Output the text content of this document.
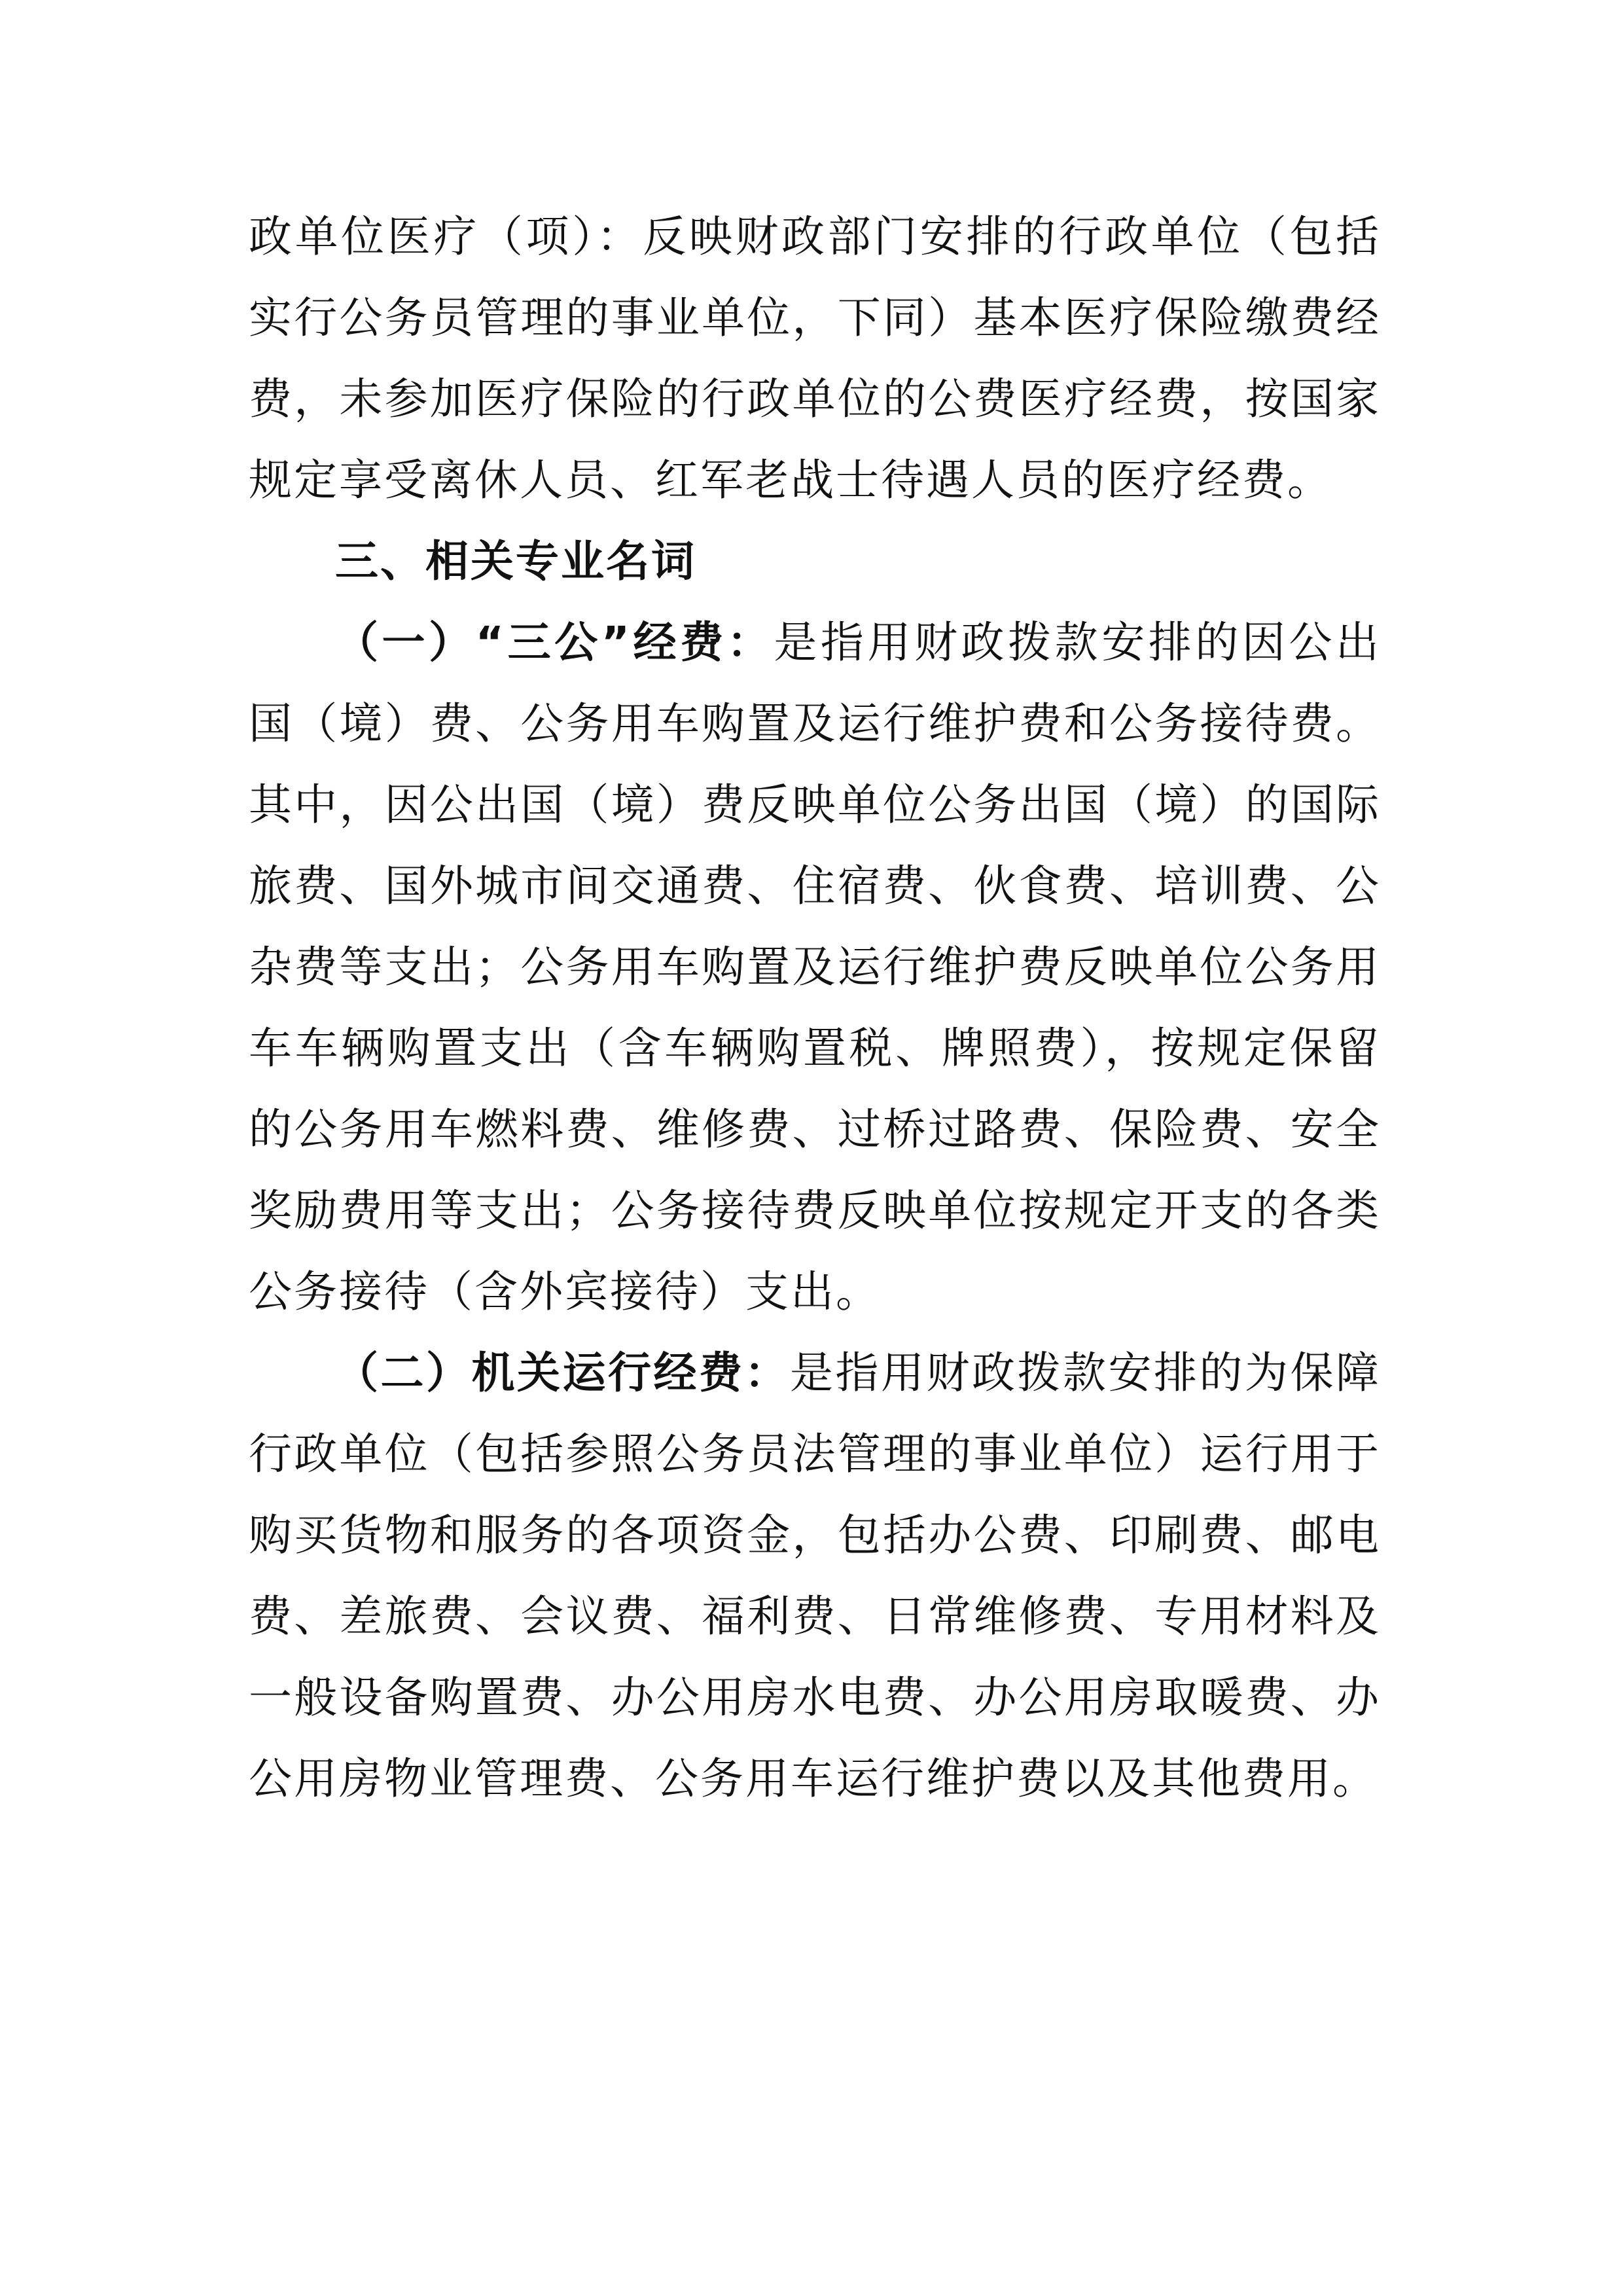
政单位医疗（项）：反映财政部门安排的行政单位（包括实行公务员管理的事业单位，下同）基本医疗保险缴费经费，未参加医疗保险的行政单位的公费医疗经费，按国家规定享受离休人员、红军老战士待遇人员的医疗经费。

三、相关专业名词

（一）“三公”经费：是指用财政拨款安排的因公出国（境）费、公务用车购置及运行维护费和公务接待费。其中，因公出国（境）费反映单位公务出国（境）的国际旅费、国外城市间交通费、住宿费、伙食费、培训费、公杂费等支出；公务用车购置及运行维护费反映单位公务用车车辆购置支出（含车辆购置税、牌照费），按规定保留的公务用车燃料费、维修费、过桥过路费、保险费、安全奖励费用等支出；公务接待费反映单位按规定开支的各类公务接待（含外宾接待）支出。

（二）机关运行经费：是指用财政拨款安排的为保障行政单位（包括参照公务员法管理的事业单位）运行用于购买货物和服务的各项资金，包括办公费、印刷费、邮电费、差旅费、会议费、福利费、日常维修费、专用材料及一般设备购置费、办公用房水电费、办公用房取暖费、办公用房物业管理费、公务用车运行维护费以及其他费用。
